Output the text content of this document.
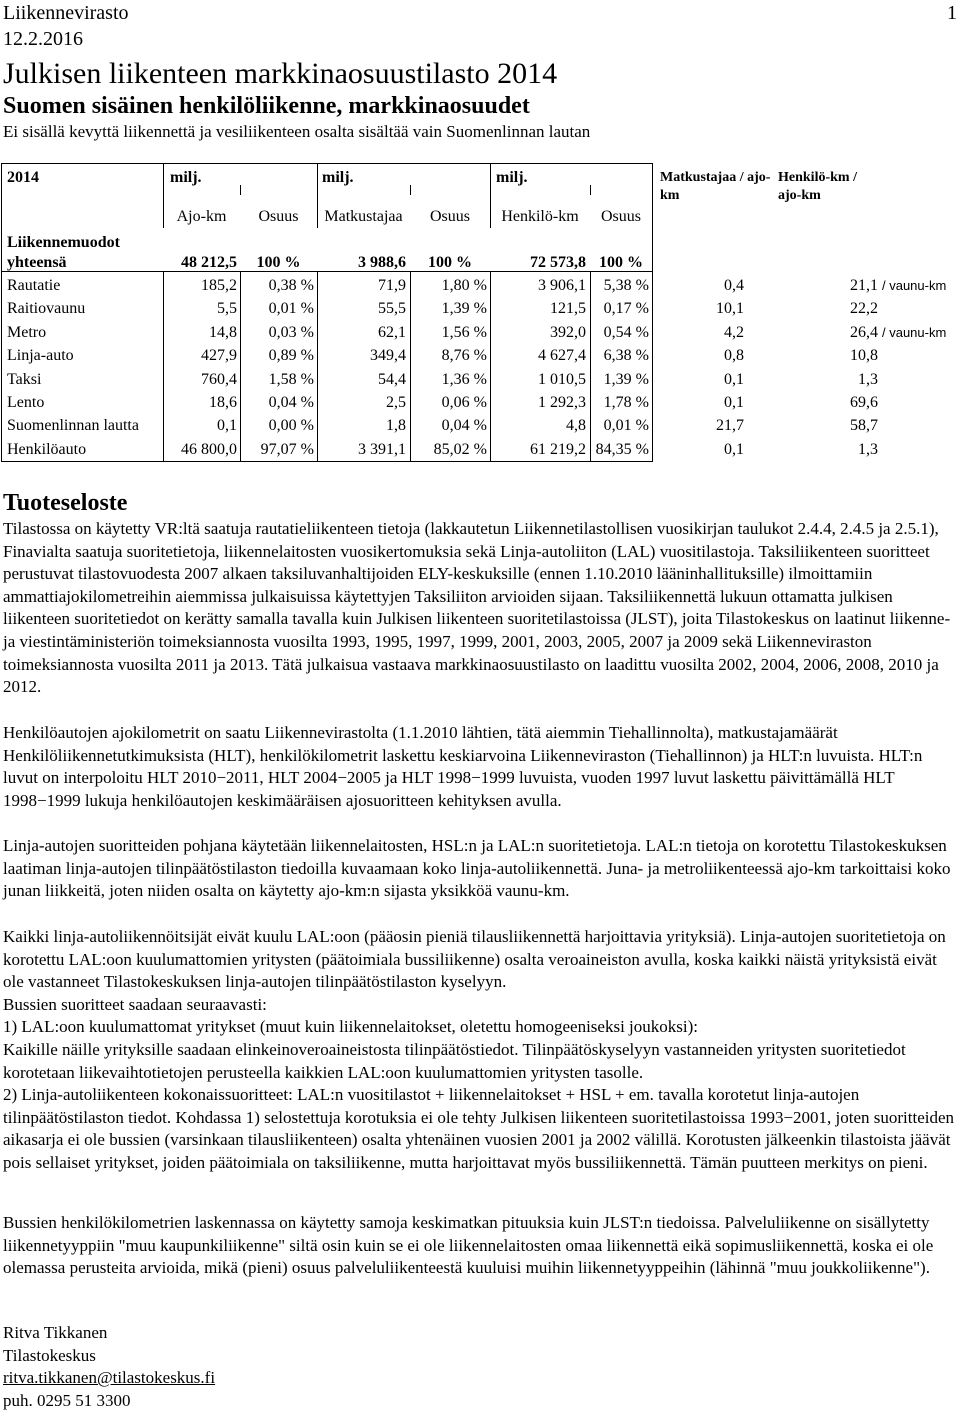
Liikennevirasto
12.2.2016
1
Julkisen liikenteen markkinaosuustilasto 2014
Suomen sisäinen henkilöliikenne, markkinaosuudet
Ei sisällä kevyttä liikennettä ja vesiliikenteen osalta sisältää vain Suomenlinnan lautan
2014	milj.	milj.	milj.	Matkustajaa / ajo-km
Henkilö-km / ajo-km
Ajo-km	Osuus	Matkustajaa	Osuus	Henkilö-km	Osuus
Liikennemuodot
yhteensä	48 212,5	100 %	3 988,6	100 %	72 573,8 100 %
Rautatie	185,2	0,38 %	71,9	1,80 %	3 906,1	5,38 %	0,4	21,1 / vaunu-km
Raitiovaunu	5,5	0,01 %	55,5	1,39 %	121,5	0,17 %	10,1	22,2
Metro	14,8	0,03 %	62,1	1,56 %	392,0	0,54 %	4,2	26,4 / vaunu-km
Linja-auto	427,9	0,89 %	349,4	8,76 %	4 627,4	6,38 %	0,8	10,8
Taksi	760,4	1,58 %	54,4	1,36 %	1 010,5	1,39 %	0,1	1,3
Lento	18,6	0,04 %	2,5	0,06 %	1 292,3	1,78 %	0,1	69,6
Suomenlinnan lautta	0,1	0,00 %	1,8	0,04 %	4,8	0,01 %	21,7	58,7
Henkilöauto	46 800,0	97,07 %	3 391,1	85,02 %	61 219,2 84,35 %	0,1	1,3
Tuoteseloste

Tilastossa on käytetty VR:ltä saatuja rautatieliikenteen tietoja (lakkautetun Liikennetilastollisen vuosikirjan taulukot 2.4.4, 2.4.5 ja 2.5.1), Finavialta saatuja suoritetietoja, liikennelaitosten vuosikertomuksia sekä Linja-autoliiton (LAL) vuositilastoja. Taksiliikenteen suoritteet perustuvat tilastovuodesta 2007 alkaen taksiluvanhaltijoiden ELY-keskuksille (ennen 1.10.2010 lääninhallituksille) ilmoittamiin ammattiajokilometreihin aiemmissa julkaisuissa käytettyjen Taksiliiton arvioiden sijaan. Taksiliikennettä lukuun ottamatta julkisen liikenteen suoritetiedot on kerätty samalla tavalla kuin Julkisen liikenteen suoritetilastoissa (JLST), joita Tilastokeskus on laatinut liikenne- ja viestintäministeriön toimeksiannosta vuosilta 1993, 1995, 1997, 1999, 2001, 2003, 2005, 2007 ja 2009 sekä Liikenneviraston toimeksiannosta vuosilta 2011 ja 2013. Tätä julkaisua vastaava markkinaosuustilasto on laadittu vuosilta 2002, 2004, 2006, 2008, 2010 ja 2012.

Henkilöautojen ajokilometrit on saatu Liikennevirastolta (1.1.2010 lähtien, tätä aiemmin Tiehallinnolta), matkustajamäärät Henkilöliikennetutkimuksista (HLT), henkilökilometrit laskettu keskiarvoina Liikenneviraston (Tiehallinnon) ja HLT:n luvuista. HLT:n luvut on interpoloitu HLT 2010−2011, HLT 2004−2005 ja HLT 1998−1999 luvuista, vuoden 1997 luvut laskettu päivittämällä HLT 1998−1999 lukuja henkilöautojen keskimääräisen ajosuoritteen kehityksen avulla.

Linja-autojen suoritteiden pohjana käytetään liikennelaitosten, HSL:n ja LAL:n suoritetietoja. LAL:n tietoja on korotettu Tilastokeskuksen laatiman linja-autojen tilinpäätöstilaston tiedoilla kuvaamaan koko linja-autoliikennettä. Juna- ja metroliikenteessä ajo-km tarkoittaisi koko junan liikkeitä, joten niiden osalta on käytetty ajo-km:n sijasta yksikköä vaunu-km.

Kaikki linja-autoliikennöitsijät eivät kuulu LAL:oon (pääosin pieniä tilausliikennettä harjoittavia yrityksiä). Linja-autojen suoritetietoja on korotettu LAL:oon kuulumattomien yritysten (päätoimiala bussiliikenne) osalta veroaineiston avulla, koska kaikki näistä yrityksistä eivät ole vastanneet Tilastokeskuksen linja-autojen tilinpäätöstilaston kyselyyn.

Bussien suoritteet saadaan seuraavasti:

1) LAL:oon kuulumattomat yritykset (muut kuin liikennelaitokset, oletettu homogeeniseksi joukoksi):

Kaikille näille yrityksille saadaan elinkeinoveroaineistosta tilinpäätöstiedot. Tilinpäätöskyselyyn vastanneiden yritysten suoritetiedot korotetaan liikevaihtotietojen perusteella kaikkien LAL:oon kuulumattomien yritysten tasolle.

2) Linja-autoliikenteen kokonaissuoritteet: LAL:n vuositilastot + liikennelaitokset + HSL + em. tavalla korotetut linja-autojen tilinpäätöstilaston tiedot. Kohdassa 1) selostettuja korotuksia ei ole tehty Julkisen liikenteen suoritetilastoissa 1993−2001, joten suoritteiden aikasarja ei ole bussien (varsinkaan tilausliikenteen) osalta yhtenäinen vuosien 2001 ja 2002 välillä. Korotusten jälkeenkin tilastoista jäävät pois sellaiset yritykset, joiden päätoimiala on taksiliikenne, mutta harjoittavat myös bussiliikennettä. Tämän puutteen merkitys on pieni.

Bussien henkilökilometrien laskennassa on käytetty samoja keskimatkan pituuksia kuin JLST:n tiedoissa. Palveluliikenne on sisällytetty liikennetyyppiin "muu kaupunkiliikenne" siltä osin kuin se ei ole liikennelaitosten omaa liikennettä eikä sopimusliikennettä, koska ei ole olemassa perusteita arvioida, mikä (pieni) osuus palveluliikenteestä kuuluisi muihin liikennetyyppeihin (lähinnä "muu joukkoliikenne").

Ritva Tikkanen
Tilastokeskus
ritva.tikkanen@tilastokeskus.fi
puh. 0295 51 3300
